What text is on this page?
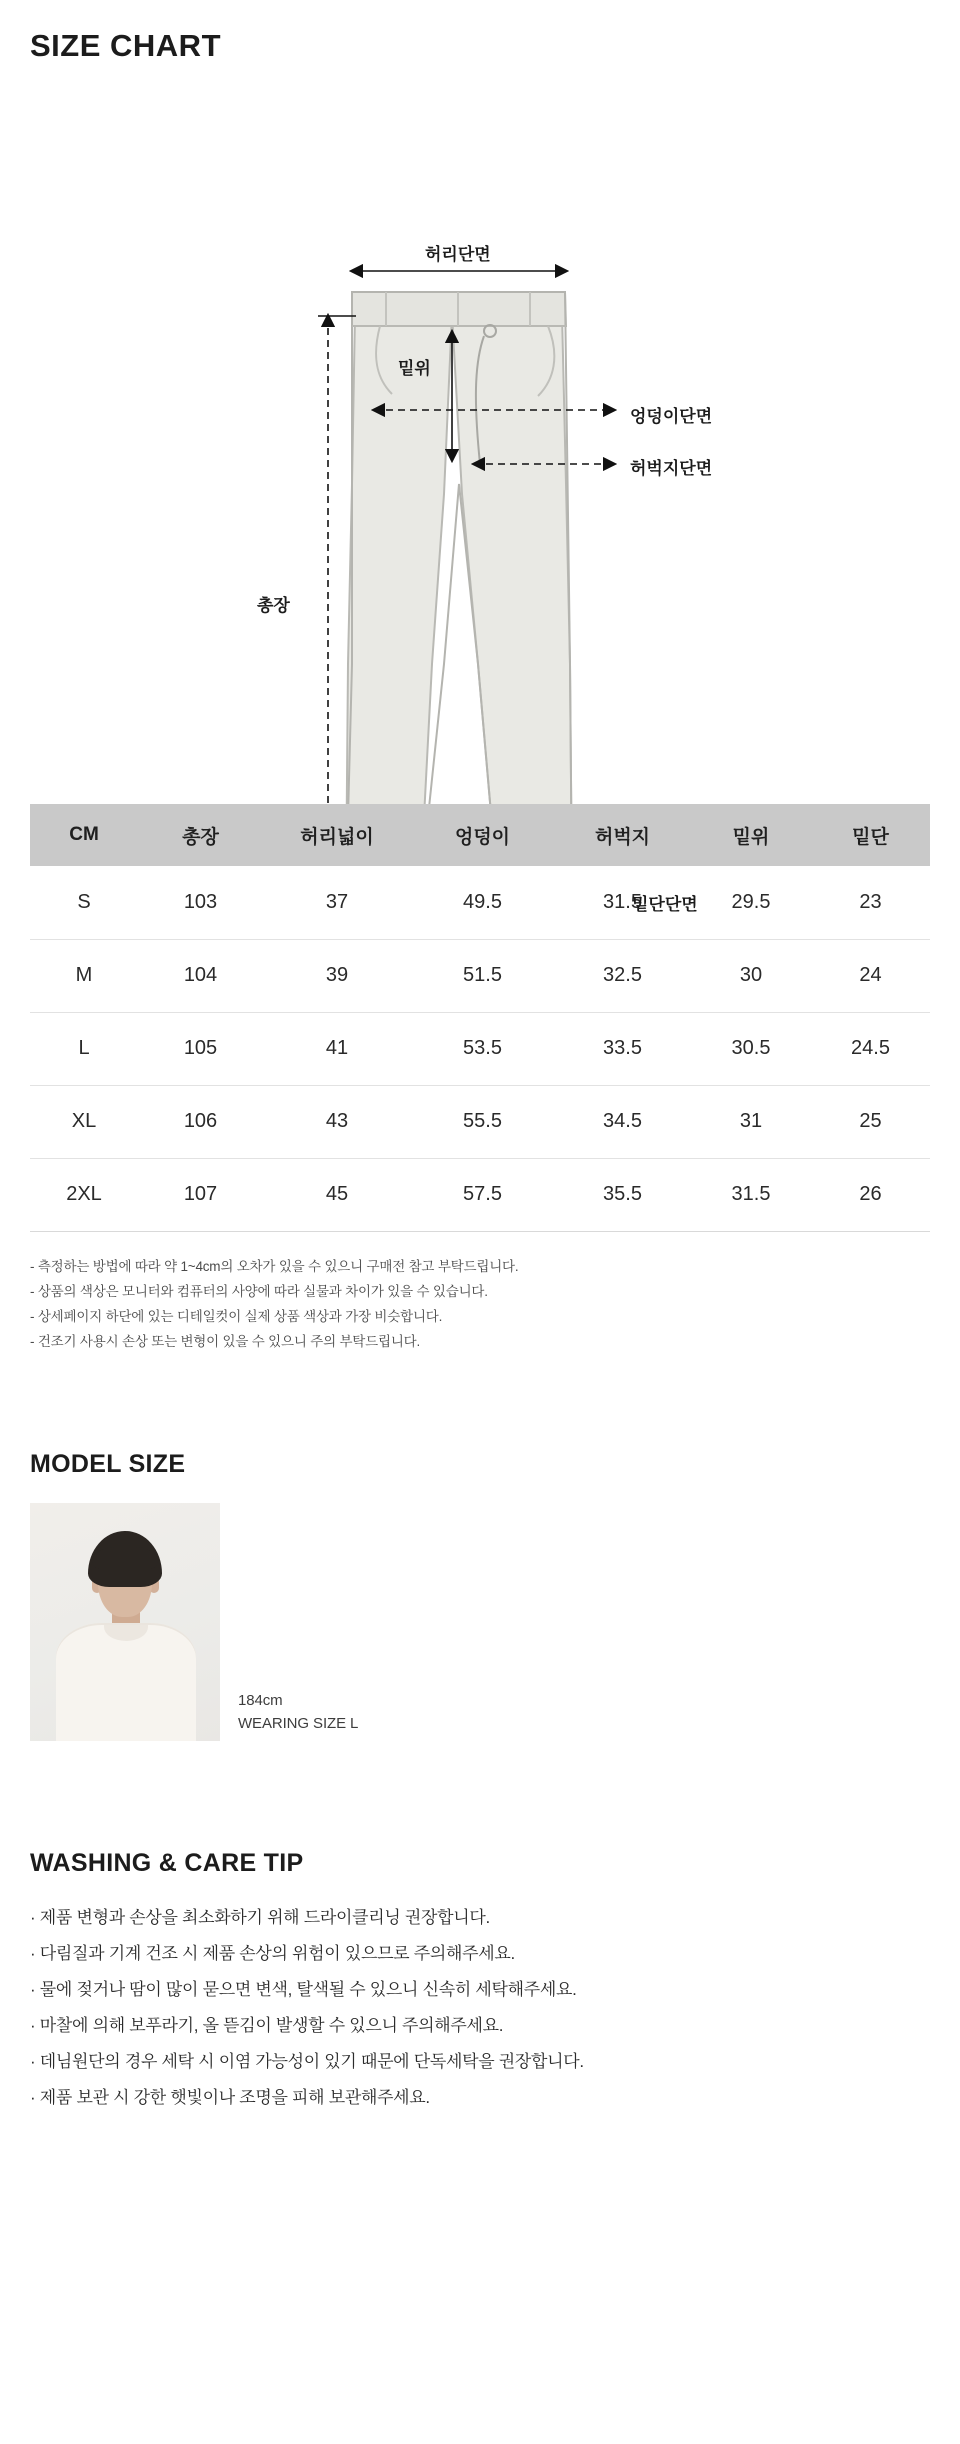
SIZE CHART
허리단면
밑위
엉덩이단면
허벅지단면
총장
밑단단면
CM	총장	허리넓이	엉덩이	허벅지	밑위	밑단
S	103	37	49.5	31.5	29.5	23
M	104	39	51.5	32.5	30	24
L	105	41	53.5	33.5	30.5	24.5
XL	106	43	55.5	34.5	31	25
2XL	107	45	57.5	35.5	31.5	26
- 측정하는 방법에 따라 약 1~4cm의 오차가 있을 수 있으니 구매전 참고 부탁드립니다.
- 상품의 색상은 모니터와 컴퓨터의 사양에 따라 실물과 차이가 있을 수 있습니다.
- 상세페이지 하단에 있는 디테일컷이 실제 상품 색상과 가장 비슷합니다.
- 건조기 사용시 손상 또는 변형이 있을 수 있으니 주의 부탁드립니다.
MODEL SIZE
184cm
WEARING SIZE L
WASHING & CARE TIP
· 제품 변형과 손상을 최소화하기 위해 드라이클리닝 권장합니다.
· 다림질과 기계 건조 시 제품 손상의 위험이 있으므로 주의해주세요.
· 물에 젖거나 땀이 많이 묻으면 변색, 탈색될 수 있으니 신속히 세탁해주세요.
· 마찰에 의해 보푸라기, 올 뜯김이 발생할 수 있으니 주의해주세요.
· 데님원단의 경우 세탁 시 이염 가능성이 있기 때문에 단독세탁을 권장합니다.
· 제품 보관 시 강한 햇빛이나 조명을 피해 보관해주세요.
